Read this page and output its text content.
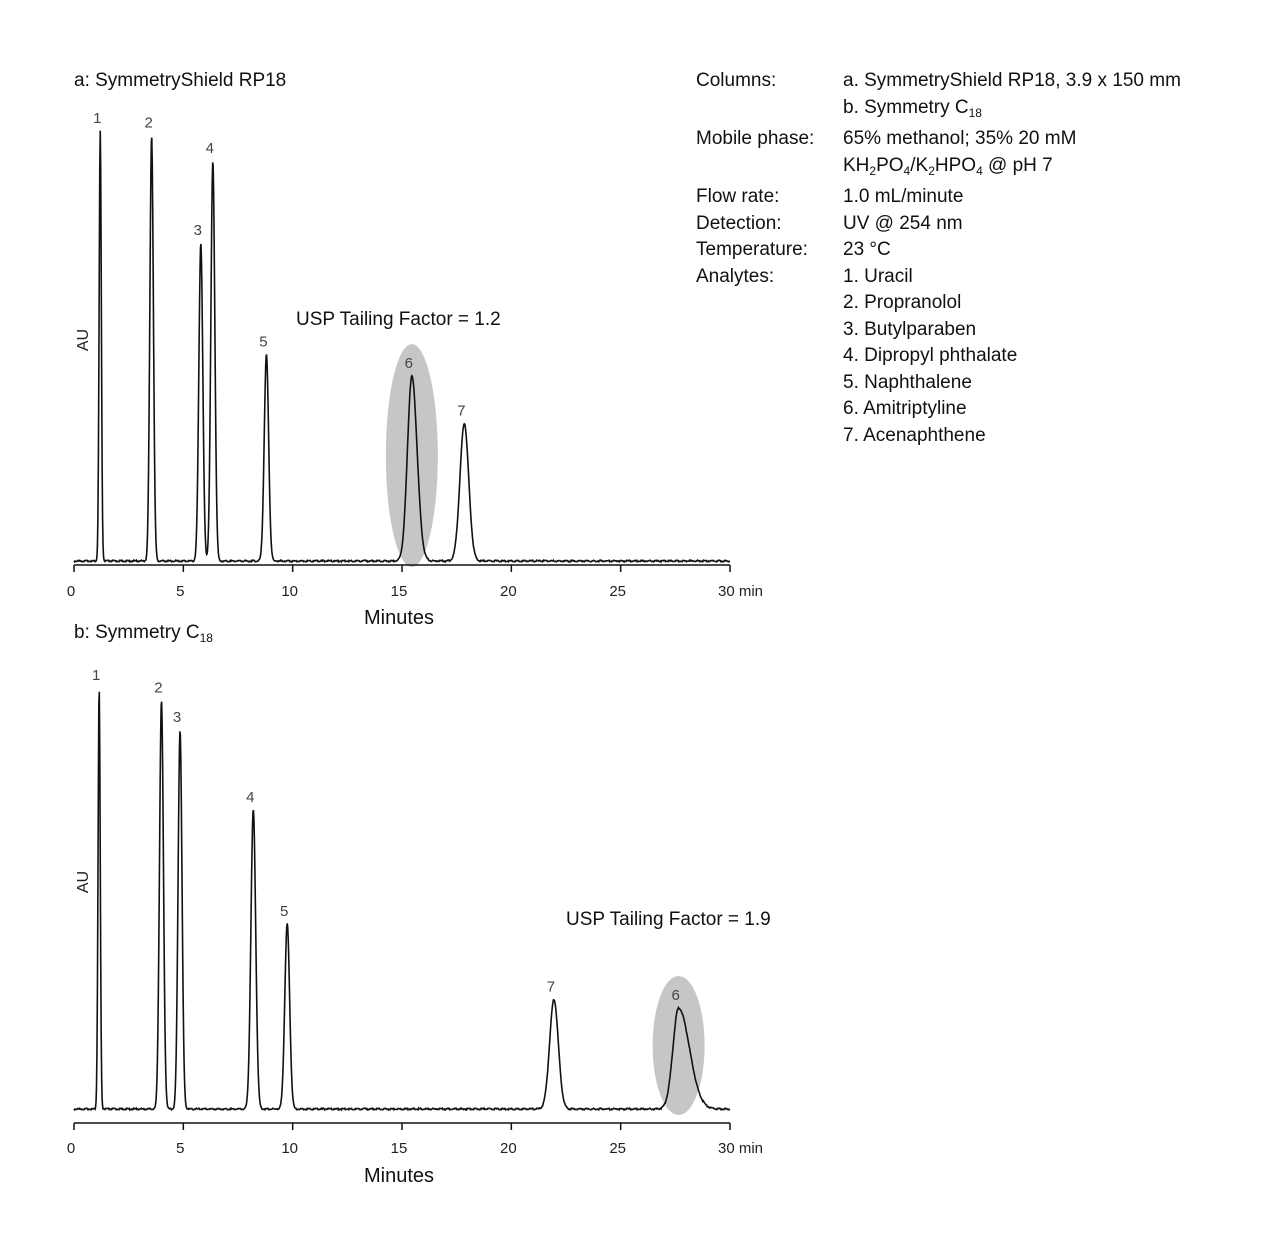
a: SymmetryShield RP18
1	2
3
4
5
6
7
0	5	10	15	20	25	30 min
Minutes
AU
USP Tailing Factor = 1.2
b: Symmetry $C_{18}$
1
2
3
4
5
7	6
0	5	10	15	20	25	30 min
Minutes
AU
USP Tailing Factor = 1.9
Columns:	a. SymmetryShield RP18, 3.9 x 150 mm
b. Symmetry $C_{18}$
Mobile phase:	65% methanol; 35% 20 mM
$KH_2PO_4/K_2HPO_4$ @ pH 7
Flow rate:	1.0 mL/minute
Detection:	UV @ 254 nm
Temperature:	23 °C
Analytes:	1. Uracil
2. Propranolol
3. Butylparaben
4. Dipropyl phthalate
5. Naphthalene
6. Amitriptyline
7. Acenaphthene
